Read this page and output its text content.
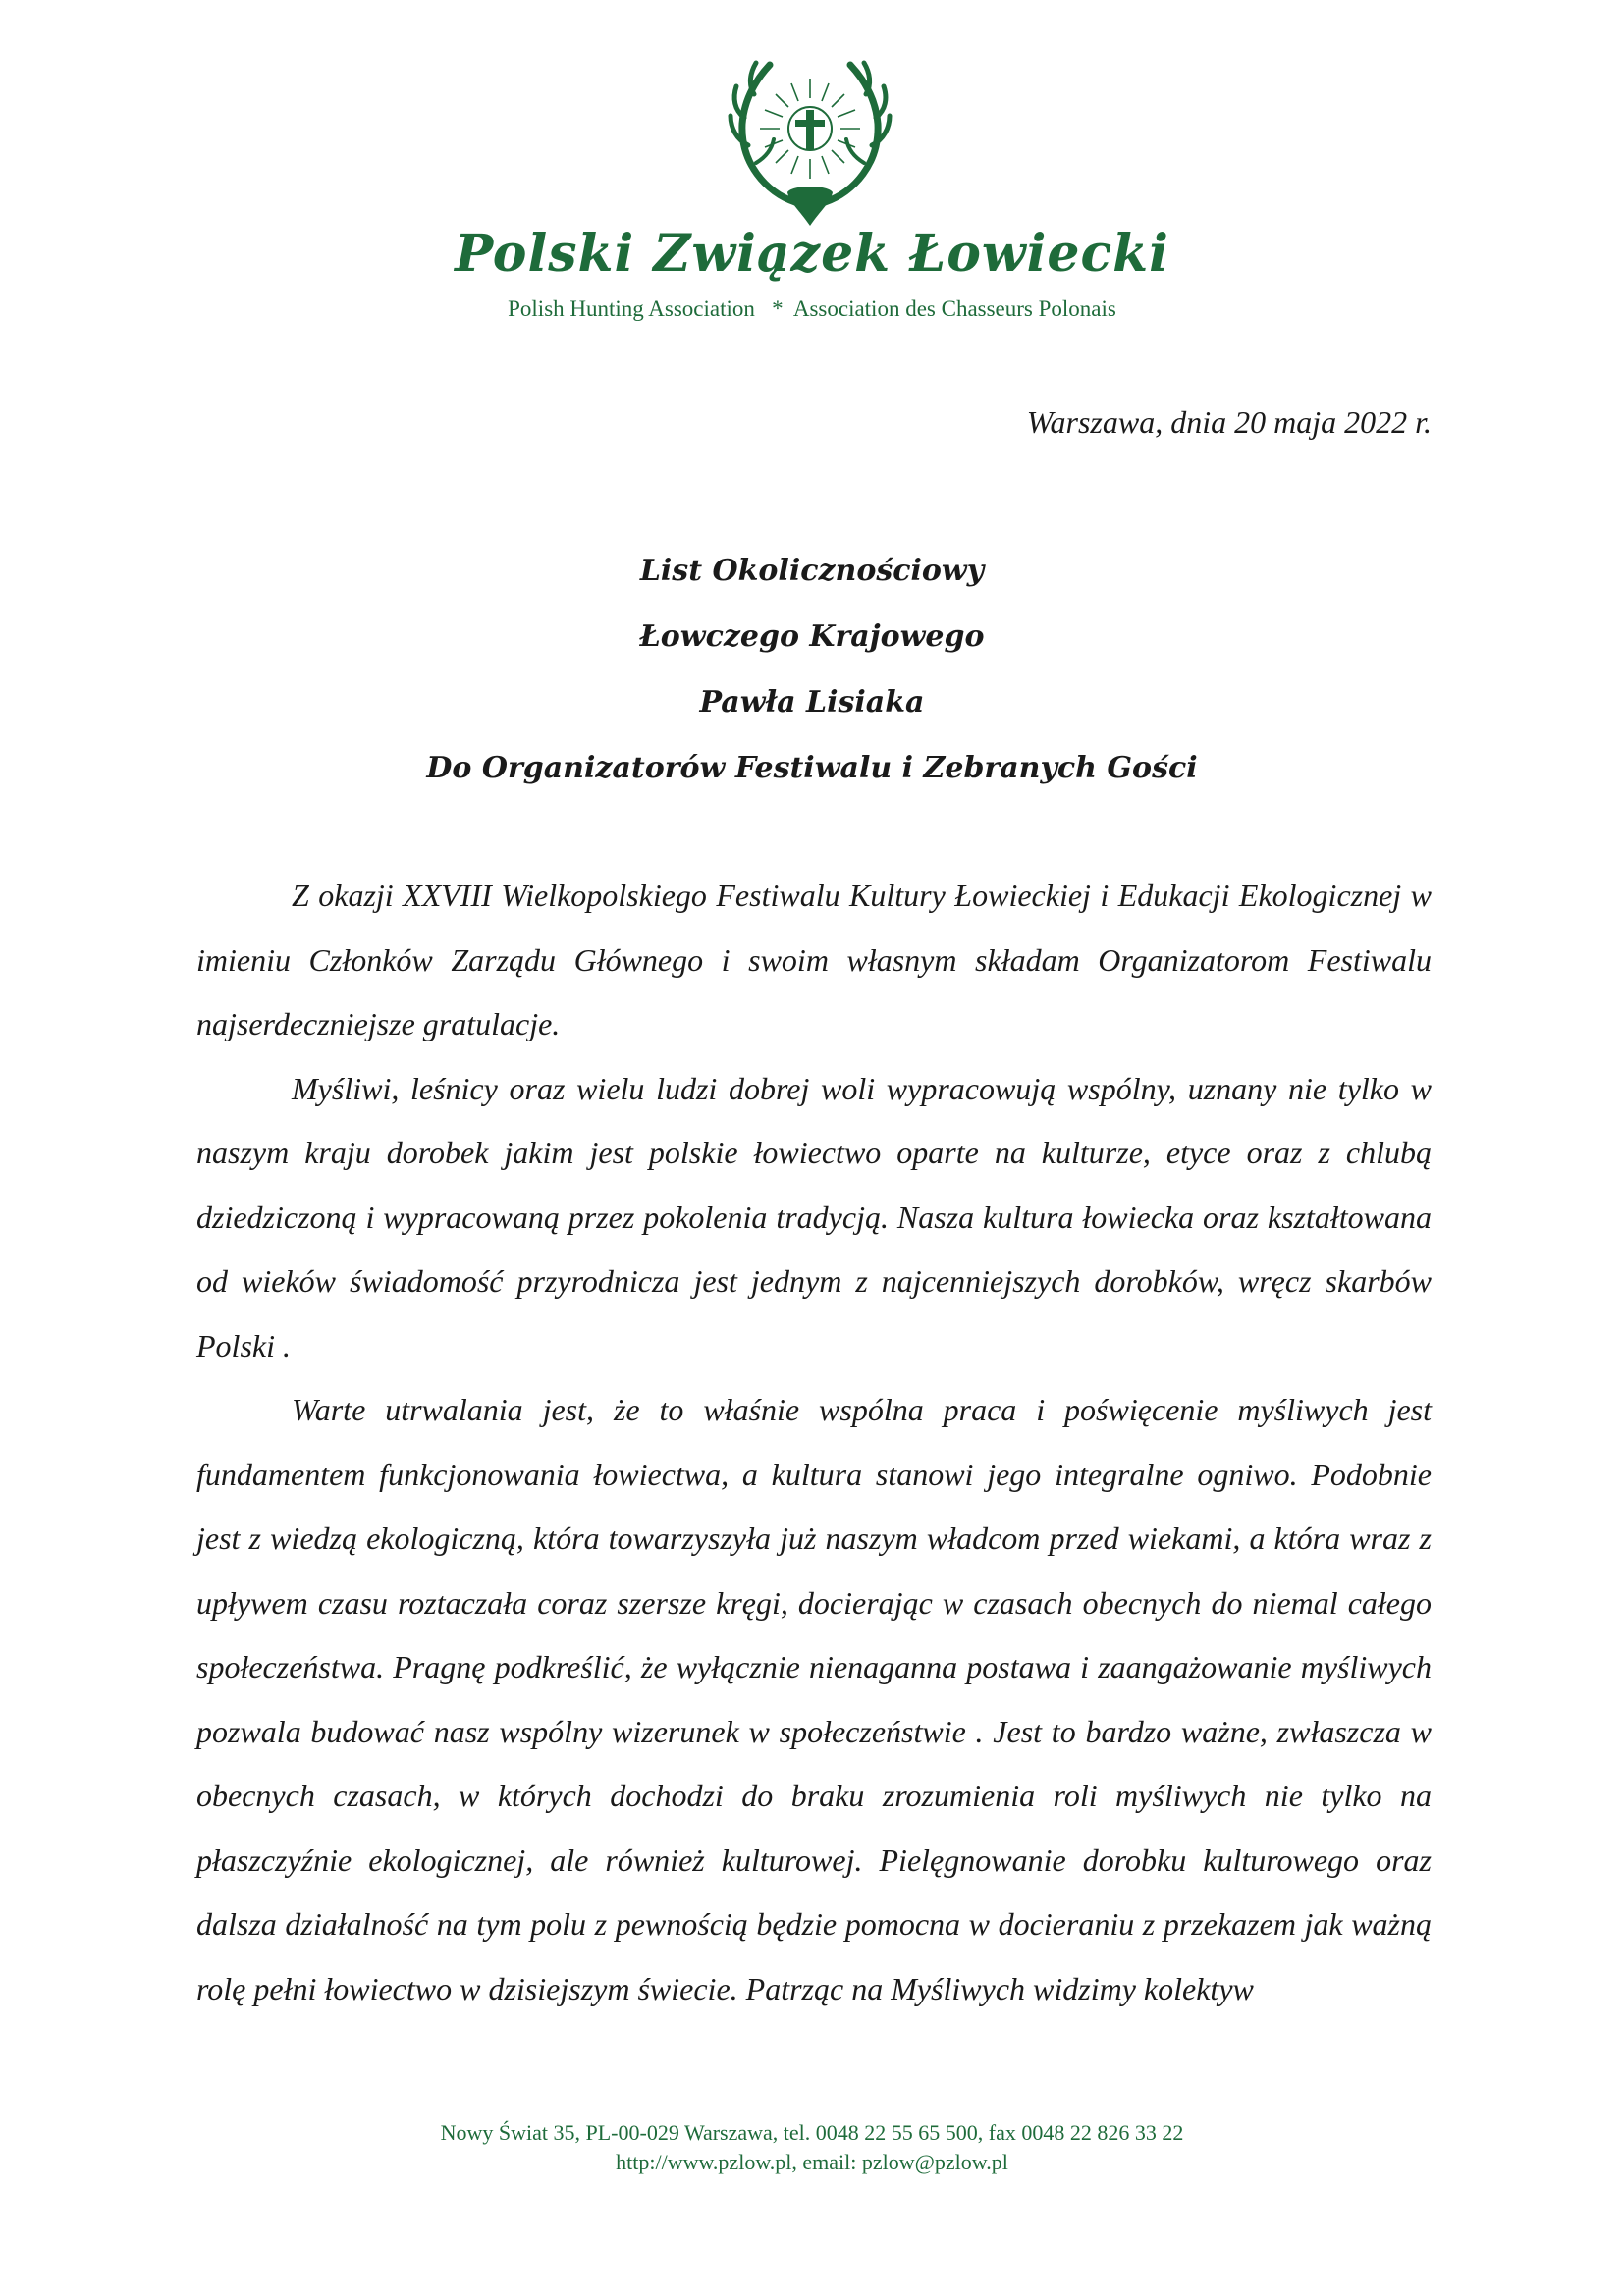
Polski Związek Łowiecki

Polish Hunting Association   *  Association des Chasseurs Polonais

Warszawa, dnia 20 maja 2022 r.

List Okolicznościowy

Łowczego Krajowego

Pawła Lisiaka

Do Organizatorów Festiwalu i Zebranych Gości

Z okazji XXVIII Wielkopolskiego Festiwalu Kultury Łowieckiej i Edukacji Ekologicznej w imieniu Członków Zarządu Głównego i swoim własnym składam Organizatorom Festiwalu najserdeczniejsze gratulacje.

Myśliwi, leśnicy oraz wielu ludzi dobrej woli wypracowują wspólny, uznany nie tylko w naszym kraju dorobek jakim jest polskie łowiectwo oparte na kulturze, etyce oraz z chlubą dziedziczoną i wypracowaną przez pokolenia tradycją. Nasza kultura łowiecka oraz kształtowana od wieków świadomość przyrodnicza jest jednym z najcenniejszych dorobków, wręcz skarbów Polski .

Warte utrwalania jest, że to właśnie wspólna praca i poświęcenie myśliwych jest fundamentem funkcjonowania łowiectwa, a kultura stanowi jego integralne ogniwo. Podobnie jest z wiedzą ekologiczną, która towarzyszyła już naszym władcom przed wiekami, a która wraz z upływem czasu roztaczała coraz szersze kręgi, docierając w czasach obecnych do niemal całego społeczeństwa. Pragnę podkreślić, że wyłącznie nienaganna postawa i zaangażowanie myśliwych pozwala budować nasz wspólny wizerunek w społeczeństwie . Jest to bardzo ważne, zwłaszcza w obecnych czasach, w których dochodzi do braku zrozumienia roli myśliwych nie tylko na płaszczyźnie ekologicznej, ale również kulturowej. Pielęgnowanie dorobku kulturowego oraz dalsza działalność na tym polu z pewnością będzie pomocna w docieraniu z przekazem jak ważną rolę pełni łowiectwo w dzisiejszym świecie. Patrząc na Myśliwych widzimy kolektyw

Nowy Świat 35, PL-00-029 Warszawa, tel. 0048 22 55 65 500, fax 0048 22 826 33 22

http://www.pzlow.pl, email: pzlow@pzlow.pl
